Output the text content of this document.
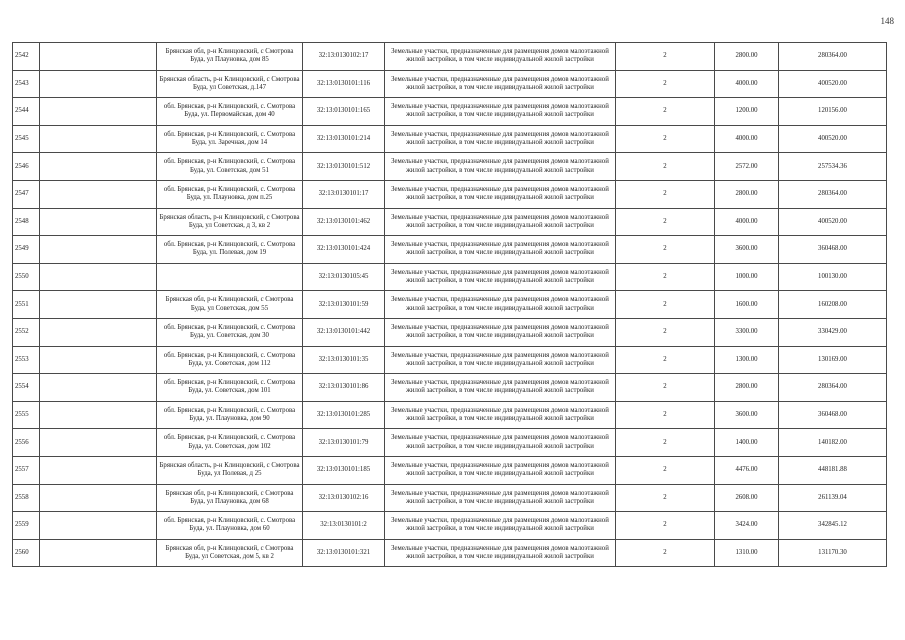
148
2542		Брянская обл, р-н Клинцовский, с Смотрова Буда, ул Плауновка, дом 85	32:13:0130102:17	Земельные участки, предназначенные для размещения домов малоэтажной жилой застройки, в том числе индивидуальной жилой застройки	2	2800.00		280364.00
2543		Брянская область, р-н Клинцовский, с Смотрова Буда, ул Советская, д.147	32:13:0130101:116	Земельные участки, предназначенные для размещения домов малоэтажной жилой застройки, в том числе индивидуальной жилой застройки	2	4000.00		400520.00
2544		обл. Брянская, р-н Клинцовский, с. Смотрова Буда, ул. Первомайская, дом 40	32:13:0130101:165	Земельные участки, предназначенные для размещения домов малоэтажной жилой застройки, в том числе индивидуальной жилой застройки	2	1200.00		120156.00
2545		обл. Брянская, р-н Клинцовский, с. Смотрова Буда, ул. Заречная, дом 14	32:13:0130101:214	Земельные участки, предназначенные для размещения домов малоэтажной жилой застройки, в том числе индивидуальной жилой застройки	2	4000.00		400520.00
2546		обл. Брянская, р-н Клинцовский, с. Смотрова Буда, ул. Советская, дом 51	32:13:0130101:512	Земельные участки, предназначенные для размещения домов малоэтажной жилой застройки, в том числе индивидуальной жилой застройки	2	2572.00		257534.36
2547		обл. Брянская, р-н Клинцовский, с. Смотрова Буда, ул. Плауновка, дом п.25	32:13:0130101:17	Земельные участки, предназначенные для размещения домов малоэтажной жилой застройки, в том числе индивидуальной жилой застройки	2	2800.00		280364.00
2548		Брянская область, р-н Клинцовский, с Смотрова Буда, ул Советская, д 3, кв 2	32:13:0130101:462	Земельные участки, предназначенные для размещения домов малоэтажной жилой застройки, в том числе индивидуальной жилой застройки	2	4000.00		400520.00
2549		обл. Брянская, р-н Клинцовский, с. Смотрова Буда, ул. Полевая, дом 19	32:13:0130101:424	Земельные участки, предназначенные для размещения домов малоэтажной жилой застройки, в том числе индивидуальной жилой застройки	2	3600.00		360468.00
2550			32:13:0130105:45	Земельные участки, предназначенные для размещения домов малоэтажной жилой застройки, в том числе индивидуальной жилой застройки	2	1000.00		100130.00
2551		Брянская обл, р-н Клинцовский, с Смотрова Буда, ул Советская, дом 55	32:13:0130101:59	Земельные участки, предназначенные для размещения домов малоэтажной жилой застройки, в том числе индивидуальной жилой застройки	2	1600.00		160208.00
2552		обл. Брянская, р-н Клинцовский, с. Смотрова Буда, ул. Советская, дом 30	32:13:0130101:442	Земельные участки, предназначенные для размещения домов малоэтажной жилой застройки, в том числе индивидуальной жилой застройки	2	3300.00		330429.00
2553		обл. Брянская, р-н Клинцовский, с. Смотрова Буда, ул. Советская, дом 112	32:13:0130101:35	Земельные участки, предназначенные для размещения домов малоэтажной жилой застройки, в том числе индивидуальной жилой застройки	2	1300.00		130169.00
2554		обл. Брянская, р-н Клинцовский, с. Смотрова Буда, ул. Советская, дом 101	32:13:0130101:86	Земельные участки, предназначенные для размещения домов малоэтажной жилой застройки, в том числе индивидуальной жилой застройки	2	2800.00		280364.00
2555		обл. Брянская, р-н Клинцовский, с. Смотрова Буда, ул. Плауновка, дом 90	32:13:0130101:285	Земельные участки, предназначенные для размещения домов малоэтажной жилой застройки, в том числе индивидуальной жилой застройки	2	3600.00		360468.00
2556		обл. Брянская, р-н Клинцовский, с. Смотрова Буда, ул. Советская, дом 102	32:13:0130101:79	Земельные участки, предназначенные для размещения домов малоэтажной жилой застройки, в том числе индивидуальной жилой застройки	2	1400.00		140182.00
2557		Брянская область, р-н Клинцовский, с Смотрова Буда, ул Полевая, д 25	32:13:0130101:185	Земельные участки, предназначенные для размещения домов малоэтажной жилой застройки, в том числе индивидуальной жилой застройки	2	4476.00		448181.88
2558		Брянская обл, р-н Клинцовский, с Смотрова Буда, ул Плауновка, дом 68	32:13:0130102:16	Земельные участки, предназначенные для размещения домов малоэтажной жилой застройки, в том числе индивидуальной жилой застройки	2	2608.00		261139.04
2559		обл. Брянская, р-н Клинцовский, с. Смотрова Буда, ул. Плауновка, дом 60	32:13:0130101:2	Земельные участки, предназначенные для размещения домов малоэтажной жилой застройки, в том числе индивидуальной жилой застройки	2	3424.00		342845.12
2560		Брянская обл, р-н Клинцовский, с Смотрова Буда, ул Советская, дом 5, кв 2	32:13:0130101:321	Земельные участки, предназначенные для размещения домов малоэтажной жилой застройки, в том числе индивидуальной жилой застройки	2	1310.00		131170.30
